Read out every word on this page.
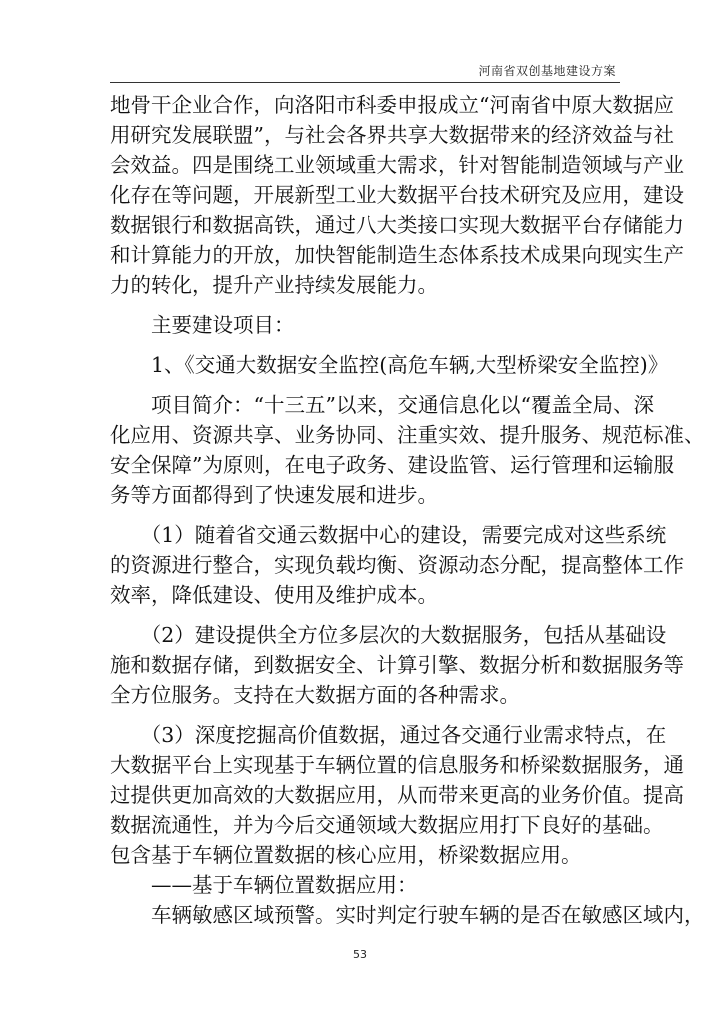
河南省双创基地建设方案
地骨干企业合作，向洛阳市科委申报成立“河南省中原大数据应
用研究发展联盟”，与社会各界共享大数据带来的经济效益与社
会效益。四是围绕工业领域重大需求，针对智能制造领域与产业
化存在等问题，开展新型工业大数据平台技术研究及应用，建设
数据银行和数据高铁，通过八大类接口实现大数据平台存储能力
和计算能力的开放，加快智能制造生态体系技术成果向现实生产
力的转化，提升产业持续发展能力。
　　主要建设项目：
　　1、《交通大数据安全监控(高危车辆,大型桥梁安全监控)》
　　项目简介：“十三五”以来，交通信息化以“覆盖全局、深
化应用、资源共享、业务协同、注重实效、提升服务、规范标准、
安全保障”为原则，在电子政务、建设监管、运行管理和运输服
务等方面都得到了快速发展和进步。
　　（1）随着省交通云数据中心的建设，需要完成对这些系统
的资源进行整合，实现负载均衡、资源动态分配，提高整体工作
效率，降低建设、使用及维护成本。
　　（2）建设提供全方位多层次的大数据服务，包括从基础设
施和数据存储，到数据安全、计算引擎、数据分析和数据服务等
全方位服务。支持在大数据方面的各种需求。
　　（3）深度挖掘高价值数据，通过各交通行业需求特点，在
大数据平台上实现基于车辆位置的信息服务和桥梁数据服务，通
过提供更加高效的大数据应用，从而带来更高的业务价值。提高
数据流通性，并为今后交通领域大数据应用打下良好的基础。
包含基于车辆位置数据的核心应用，桥梁数据应用。
　　——基于车辆位置数据应用：
　　车辆敏感区域预警。实时判定行驶车辆的是否在敏感区域内，
53
